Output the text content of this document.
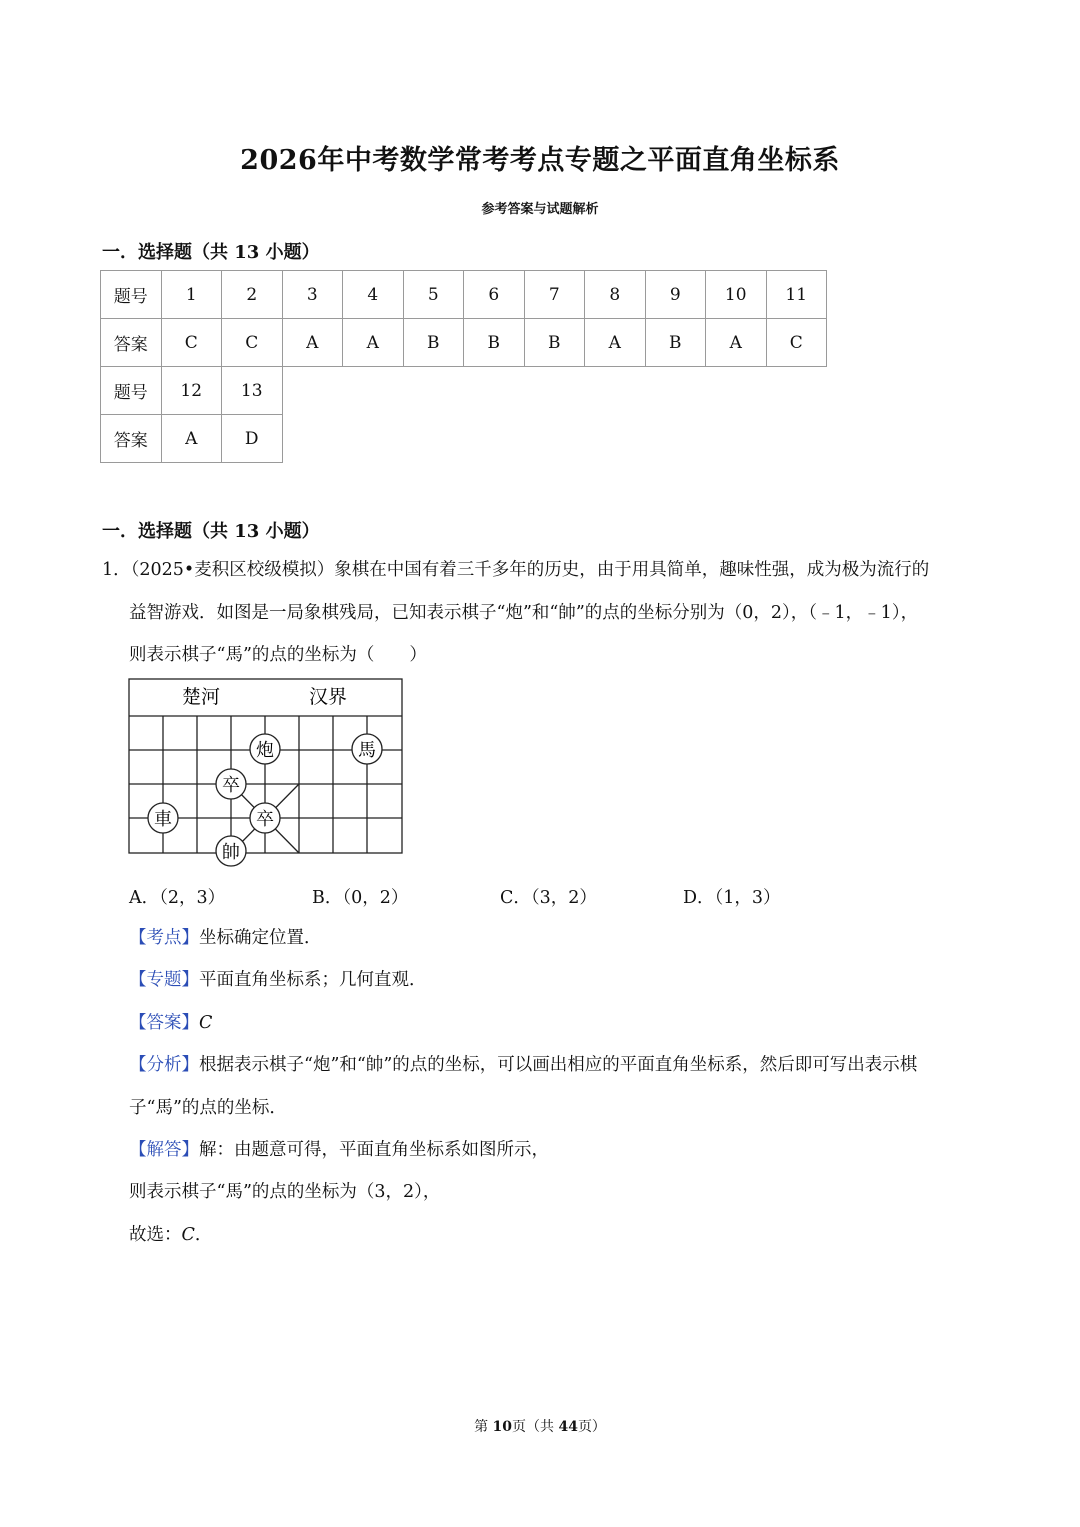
2026年中考数学常考考点专题之平面直角坐标系
参考答案与试题解析
一．选择题（共 13 小题）
题号	1	2	3	4	5	6	7	8	9	10	11
答案	C	C	A	A	B	B	B	A	B	A	C
题号	12	13									
答案	A	D									
一．选择题（共 13 小题）
1．（2025•麦积区校级模拟）象棋在中国有着三千多年的历史，由于用具简单，趣味性强，成为极为流行的
益智游戏．如图是一局象棋残局，已知表示棋子“炮”和“帥”的点的坐标分别为（0，2），（﹣1，﹣1），
则表示棋子“馬”的点的坐标为（　　）
楚河	汉界
炮	馬
卒
車	卒
帥
A．（2，3）	B．（0，2）	C．（3，2）	D．（1，3）
【考点】坐标确定位置．
【专题】平面直角坐标系；几何直观．
【答案】C
【分析】根据表示棋子“炮”和“帥”的点的坐标，可以画出相应的平面直角坐标系，然后即可写出表示棋
子“馬”的点的坐标．
【解答】解：由题意可得，平面直角坐标系如图所示，
则表示棋子“馬”的点的坐标为（3，2），
故选：C．
第 10页（共 44页）
